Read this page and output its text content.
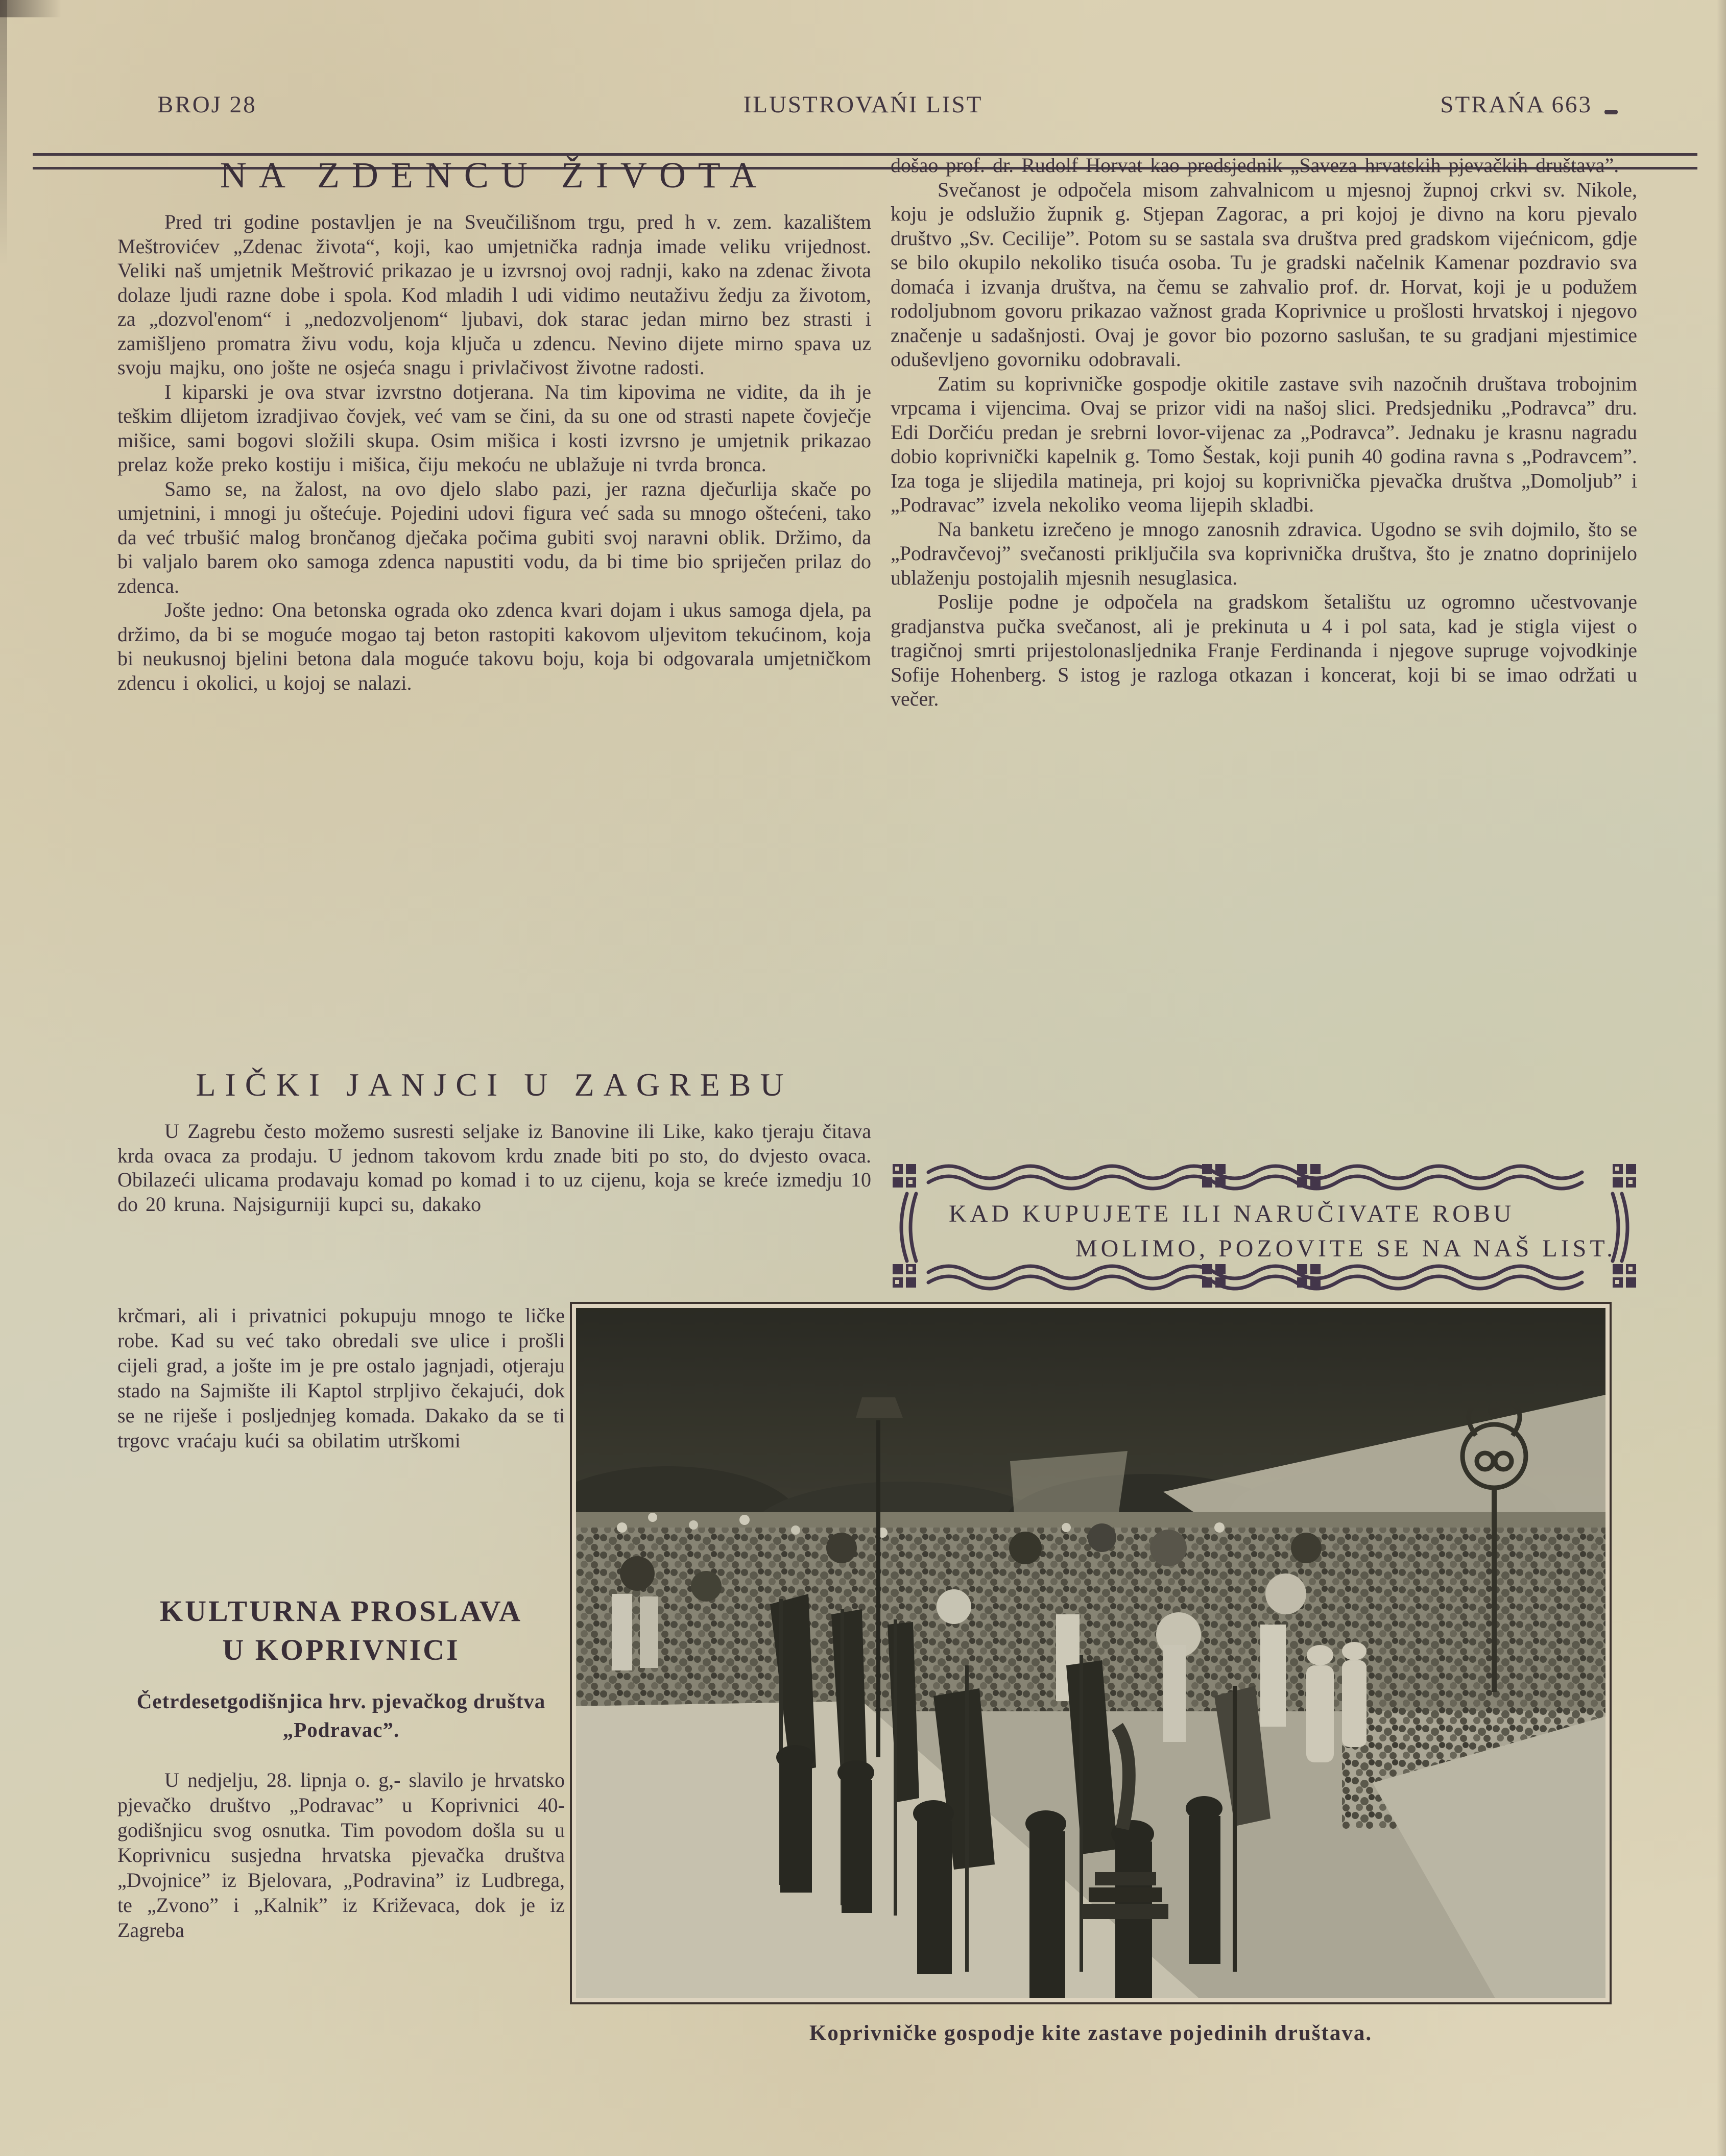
BROJ 28	ILUSTROVAŃI LIST	STRAŃA 663
NA ZDENCU ŽIVOTA

Pred tri godine postavljen je na Sveučilišnom trgu, pred h v. zem. kazalištem Meštrovićev „Zdenac života“, koji, kao umjetnička radnja imade veliku vrijednost. Veliki naš umjetnik Meštrović prikazao je u izvrsnoj ovoj radnji, kako na zdenac života dolaze ljudi razne dobe i spola. Kod mladih l udi vidimo neutaživu žedju za životom, za „dozvol'enom“ i „nedozvoljenom“ ljubavi, dok starac jedan mirno bez strasti i zamišljeno promatra živu vodu, koja ključa u zdencu. Nevino dijete mirno spava uz svoju majku, ono jošte ne osjeća snagu i privlačivost životne radosti.

I kiparski je ova stvar izvrstno dotjerana. Na tim kipovima ne vidite, da ih je teškim dlijetom izradjivao čovjek, već vam se čini, da su one od strasti napete čovječje mišice, sami bogovi složili skupa. Osim mišica i kosti izvrsno je umjetnik prikazao prelaz kože preko kostiju i mišica, čiju mekoću ne ublažuje ni tvrda bronca.

Samo se, na žalost, na ovo djelo slabo pazi, jer razna dječurlija skače po umjetnini, i mnogi ju oštećuje. Pojedini udovi figura već sada su mnogo oštećeni, tako da već trbušić malog brončanog dječaka počima gubiti svoj naravni oblik. Držimo, da bi valjalo barem oko samoga zdenca napustiti vodu, da bi time bio spriječen prilaz do zdenca.

Jošte jedno: Ona betonska ograda oko zdenca kvari dojam i ukus samoga djela, pa držimo, da bi se moguće mogao taj beton rastopiti kakovom uljevitom tekućinom, koja bi neukusnoj bjelini betona dala moguće takovu boju, koja bi odgovarala umjetničkom zdencu i okolici, u kojoj se nalazi.

LIČKI JANJCI U ZAGREBU

U Zagrebu često možemo susresti seljake iz Banovine ili Like, kako tjeraju čitava krda ovaca za prodaju. U jednom takovom krdu znade biti po sto, do dvjesto ovaca. Obilazeći ulicama prodavaju komad po komad i to uz cijenu, koja se kreće izmedju 10 do 20 kruna. Najsigurniji kupci su, dakako

krčmari, ali i privatnici pokupuju mnogo te ličke robe. Kad su već tako obredali sve ulice i prošli cijeli grad, a jošte im je pre ostalo jagnjadi, otjeraju stado na Sajmište ili Kaptol strpljivo čekajući, dok se ne riješe i posljednjeg komada. Dakako da se ti trgovc vraćaju kući sa obilatim utrškomi

KULTURNA PROSLAVA
U KOPRIVNICI
Četrdesetgodišnjica hrv. pjevačkog društva „Podravac”.

U nedjelju, 28. lipnja o. g,- slavilo je hrvatsko pjevačko društvo „Podravac” u Koprivnici 40-godišnjicu svog osnutka. Tim povodom došla su u Koprivnicu susjedna hrvatska pjevačka društva „Dvojnice” iz Bjelovara, „Podravina” iz Ludbrega, te „Zvono” i „Kalnik” iz Križevaca, dok je iz Zagreba

došao prof. dr. Rudolf Horvat kao predsjednik „Saveza hrvatskih pjevačkih društava”.

Svečanost je odpočela misom zahvalnicom u mjesnoj župnoj crkvi sv. Nikole, koju je odslužio župnik g. Stjepan Zagorac, a pri kojoj je divno na koru pjevalo društvo „Sv. Cecilije”. Potom su se sastala sva društva pred gradskom vijećnicom, gdje se bilo okupilo nekoliko tisuća osoba. Tu je gradski načelnik Kamenar pozdravio sva domaća i izvanja društva, na čemu se zahvalio prof. dr. Horvat, koji je u podužem rodoljubnom govoru prikazao važnost grada Koprivnice u prošlosti hrvatskoj i njegovo značenje u sadašnjosti. Ovaj je govor bio pozorno saslušan, te su gradjani mjestimice oduševljeno govorniku odobravali.

Zatim su koprivničke gospodje okitile zastave svih nazočnih društava trobojnim vrpcama i vijencima. Ovaj se prizor vidi na našoj slici. Predsjedniku „Podravca” dru. Edi Dorčiću predan je srebrni lovor-vijenac za „Podravca”. Jednaku je krasnu nagradu dobio koprivnički kapelnik g. Tomo Šestak, koji punih 40 godina ravna s „Podravcem”. Iza toga je slijedila matineja, pri kojoj su koprivnička pjevačka društva „Domoljub” i „Podravac” izvela nekoliko veoma lijepih skladbi.

Na banketu izrečeno je mnogo zanosnih zdravica. Ugodno se svih dojmilo, što se „Podravčevoj” svečanosti priključila sva koprivnička društva, što je znatno doprinijelo ublaženju postojalih mjesnih nesuglasica.

Poslije podne je odpočela na gradskom šetalištu uz ogromno učestvovanje gradjanstva pučka svečanost, ali je prekinuta u 4 i pol sata, kad je stigla vijest o tragičnoj smrti prijestolonasljednika Franje Ferdinanda i njegove supruge vojvodkinje Sofije Hohenberg. S istog je razloga otkazan i koncerat, koji bi se imao održati u večer.

KAD KUPUJETE ILI NARUČIVATE ROBU
MOLIMO, POZOVITE SE NA NAŠ LIST.
Koprivničke gospodje kite zastave pojedinih društava.
